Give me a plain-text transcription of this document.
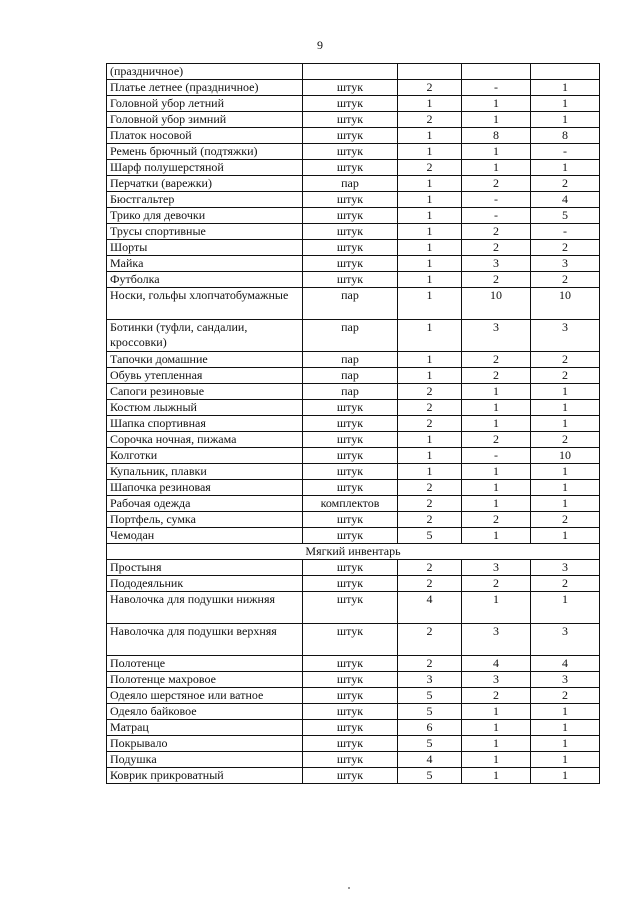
9
(праздничное)				
Платье летнее (праздничное)	штук	2	-	1
Головной убор летний	штук	1	1	1
Головной убор зимний	штук	2	1	1
Платок носовой	штук	1	8	8
Ремень брючный (подтяжки)	штук	1	1	-
Шарф полушерстяной	штук	2	1	1
Перчатки (варежки)	пар	1	2	2
Бюстгальтер	штук	1	-	4
Трико для девочки	штук	1	-	5
Трусы спортивные	штук	1	2	-
Шорты	штук	1	2	2
Майка	штук	1	3	3
Футболка	штук	1	2	2
Носки, гольфы хлопчатобумажные	пар	1	10	10
Ботинки (туфли, сандалии, кроссовки)	пар	1	3	3
Тапочки домашние	пар	1	2	2
Обувь утепленная	пар	1	2	2
Сапоги резиновые	пар	2	1	1
Костюм лыжный	штук	2	1	1
Шапка спортивная	штук	2	1	1
Сорочка ночная, пижама	штук	1	2	2
Колготки	штук	1	-	10
Купальник, плавки	штук	1	1	1
Шапочка резиновая	штук	2	1	1
Рабочая одежда	комплектов	2	1	1
Портфель, сумка	штук	2	2	2
Чемодан	штук	5	1	1
Мягкий инвентарь				
Простыня	штук	2	3	3
Пододеяльник	штук	2	2	2
Наволочка для подушки нижняя	штук	4	1	1
Наволочка для подушки верхняя	штук	2	3	3
Полотенце	штук	2	4	4
Полотенце махровое	штук	3	3	3
Одеяло шерстяное или ватное	штук	5	2	2
Одеяло байковое	штук	5	1	1
Матрац	штук	6	1	1
Покрывало	штук	5	1	1
Подушка	штук	4	1	1
Коврик прикроватный	штук	5	1	1
